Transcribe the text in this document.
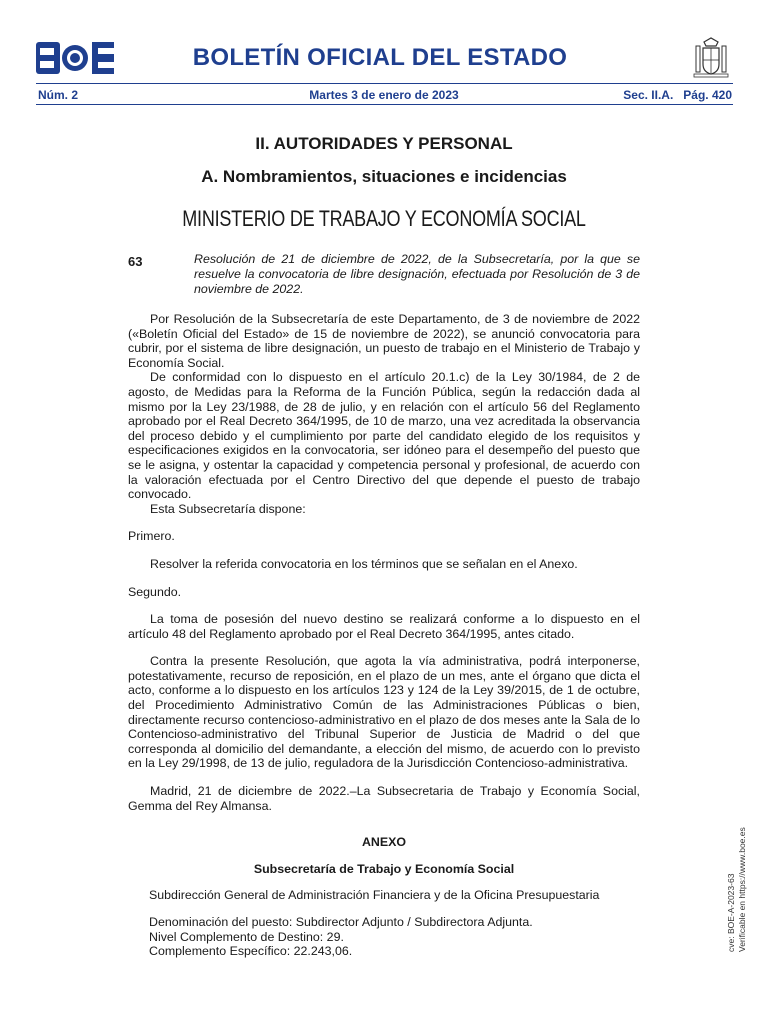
BOLETÍN OFICIAL DEL ESTADO
Núm. 2	Martes 3 de enero de 2023	Sec. II.A.   Pág. 420
II. AUTORIDADES Y PERSONAL
A. Nombramientos, situaciones e incidencias
MINISTERIO DE TRABAJO Y ECONOMÍA SOCIAL
63	Resolución de 21 de diciembre de 2022, de la Subsecretaría, por la que se resuelve la convocatoria de libre designación, efectuada por Resolución de 3 de noviembre de 2022.

Por Resolución de la Subsecretaría de este Departamento, de 3 de noviembre de 2022 («Boletín Oficial del Estado» de 15 de noviembre de 2022), se anunció convocatoria para cubrir, por el sistema de libre designación, un puesto de trabajo en el Ministerio de Trabajo y Economía Social.

De conformidad con lo dispuesto en el artículo 20.1.c) de la Ley 30/1984, de 2 de agosto, de Medidas para la Reforma de la Función Pública, según la redacción dada al mismo por la Ley 23/1988, de 28 de julio, y en relación con el artículo 56 del Reglamento aprobado por el Real Decreto 364/1995, de 10 de marzo, una vez acreditada la observancia del proceso debido y el cumplimiento por parte del candidato elegido de los requisitos y especificaciones exigidos en la convocatoria, ser idóneo para el desempeño del puesto que se le asigna, y ostentar la capacidad y competencia personal y profesional, de acuerdo con la valoración efectuada por el Centro Directivo del que depende el puesto de trabajo convocado.

Esta Subsecretaría dispone:

Primero.

Resolver la referida convocatoria en los términos que se señalan en el Anexo.

Segundo.

La toma de posesión del nuevo destino se realizará conforme a lo dispuesto en el artículo 48 del Reglamento aprobado por el Real Decreto 364/1995, antes citado.

Contra la presente Resolución, que agota la vía administrativa, podrá interponerse, potestativamente, recurso de reposición, en el plazo de un mes, ante el órgano que dicta el acto, conforme a lo dispuesto en los artículos 123 y 124 de la Ley 39/2015, de 1 de octubre, del Procedimiento Administrativo Común de las Administraciones Públicas o bien, directamente recurso contencioso-administrativo en el plazo de dos meses ante la Sala de lo Contencioso-administrativo del Tribunal Superior de Justicia de Madrid o del que corresponda al domicilio del demandante, a elección del mismo, de acuerdo con lo previsto en la Ley 29/1998, de 13 de julio, reguladora de la Jurisdicción Contencioso-administrativa.

Madrid, 21 de diciembre de 2022.–La Subsecretaria de Trabajo y Economía Social, Gemma del Rey Almansa.

ANEXO

Subsecretaría de Trabajo y Economía Social

Subdirección General de Administración Financiera y de la Oficina Presupuestaria

Denominación del puesto: Subdirector Adjunto / Subdirectora Adjunta.

Nivel Complemento de Destino: 29.

Complemento Específico: 22.243,06.	cve: BOE-A-2023-63 Verificable en https://www.boe.es
